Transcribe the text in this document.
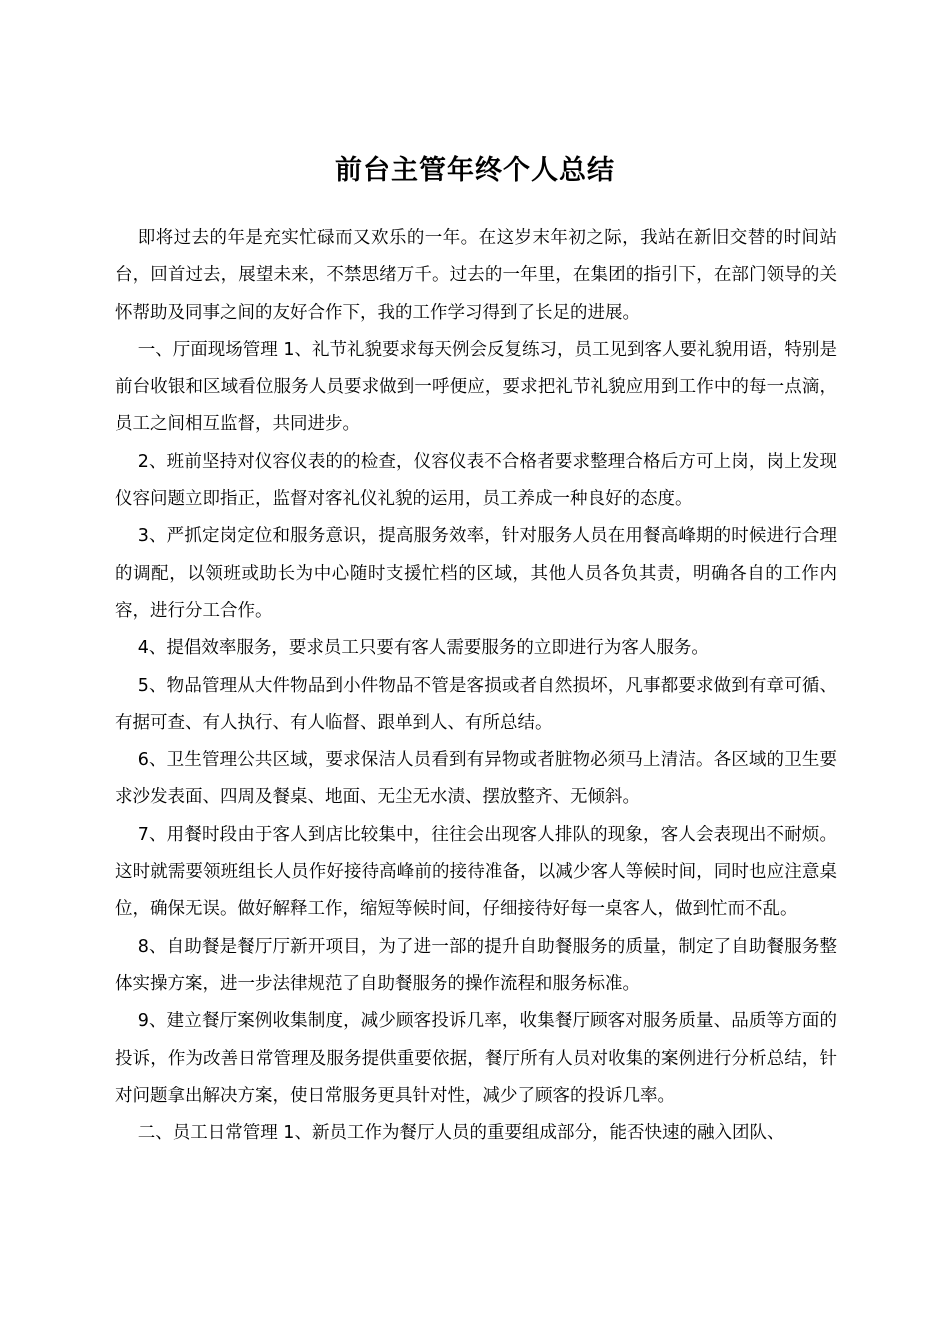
前台主管年终个人总结

即将过去的年是充实忙碌而又欢乐的一年。在这岁末年初之际，我站在新旧交替的时间站台，回首过去，展望未来，不禁思绪万千。过去的一年里，在集团的指引下，在部门领导的关怀帮助及同事之间的友好合作下，我的工作学习得到了长足的进展。

一、厅面现场管理 1、礼节礼貌要求每天例会反复练习，员工见到客人要礼貌用语，特别是前台收银和区域看位服务人员要求做到一呼便应，要求把礼节礼貌应用到工作中的每一点滴，员工之间相互监督，共同进步。

2、班前坚持对仪容仪表的的检查，仪容仪表不合格者要求整理合格后方可上岗，岗上发现仪容问题立即指正，监督对客礼仪礼貌的运用，员工养成一种良好的态度。

3、严抓定岗定位和服务意识，提高服务效率，针对服务人员在用餐高峰期的时候进行合理的调配，以领班或助长为中心随时支援忙档的区域，其他人员各负其责，明确各自的工作内容，进行分工合作。

4、提倡效率服务，要求员工只要有客人需要服务的立即进行为客人服务。

5、物品管理从大件物品到小件物品不管是客损或者自然损坏，凡事都要求做到有章可循、有据可查、有人执行、有人临督、跟单到人、有所总结。

6、卫生管理公共区域，要求保洁人员看到有异物或者脏物必须马上清洁。各区域的卫生要求沙发表面、四周及餐桌、地面、无尘无水渍、摆放整齐、无倾斜。

7、用餐时段由于客人到店比较集中，往往会出现客人排队的现象，客人会表现出不耐烦。这时就需要领班组长人员作好接待高峰前的接待准备，以减少客人等候时间，同时也应注意桌位，确保无误。做好解释工作，缩短等候时间，仔细接待好每一桌客人，做到忙而不乱。

8、自助餐是餐厅厅新开项目，为了进一部的提升自助餐服务的质量，制定了自助餐服务整体实操方案，进一步法律规范了自助餐服务的操作流程和服务标准。

9、建立餐厅案例收集制度，减少顾客投诉几率，收集餐厅顾客对服务质量、品质等方面的投诉，作为改善日常管理及服务提供重要依据，餐厅所有人员对收集的案例进行分析总结，针对问题拿出解决方案，使日常服务更具针对性，减少了顾客的投诉几率。

二、员工日常管理 1、新员工作为餐厅人员的重要组成部分，能否快速的融入团队、
